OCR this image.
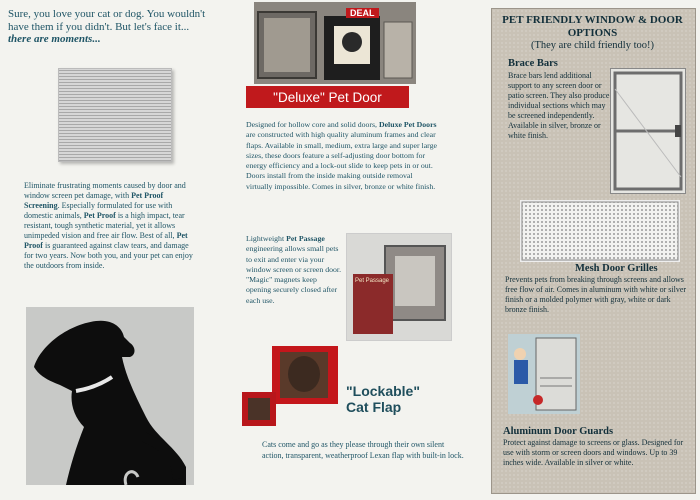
Sure, you love your cat or dog. You wouldn't have them if you didn't. But let's face it... there are moments...

Eliminate frustrating moments caused by door and window screen pet damage, with Pet Proof Screening. Especially formulated for use with domestic animals, Pet Proof is a high impact, tear resistant, tough synthetic material, yet it allows unimpeded vision and free air flow. Best of all, Pet Proof is guaranteed against claw tears, and damage for two years. Now both you, and your pet can enjoy the outdoors from inside.

DEAL
"Deluxe" Pet Door

Designed for hollow core and solid doors, Deluxe Pet Doors are constructed with high quality aluminum frames and clear flaps. Available in small, medium, extra large and super large sizes, these doors feature a self-adjusting door bottom for energy efficiency and a lock-out slide to keep pets in or out. Doors install from the inside making outside removal virtually impossible. Comes in silver, bronze or white finish.

Lightweight Pet Passage engineering allows small pets to exit and enter via your window screen or screen door. "Magic" magnets keep opening securely closed after each use.

Pet Passage
"Lockable" Cat Flap

Cats come and go as they please through their own silent action, transparent, weatherproof Lexan flap with built-in lock.

PET FRIENDLY WINDOW & DOOR OPTIONS
(They are child friendly too!)
Brace Bars

Brace bars lend additional support to any screen door or patio screen. They also produce individual sections which may be screened independently. Available in silver, bronze or white finish.

Mesh Door Grilles

Prevents pets from breaking through screens and allows free flow of air. Comes in aluminum with white or silver finish or a molded polymer with gray, white or dark bronze finish.

Aluminum Door Guards

Protect against damage to screens or glass. Designed for use with storm or screen doors and windows. Up to 39 inches wide. Available in silver or white.
